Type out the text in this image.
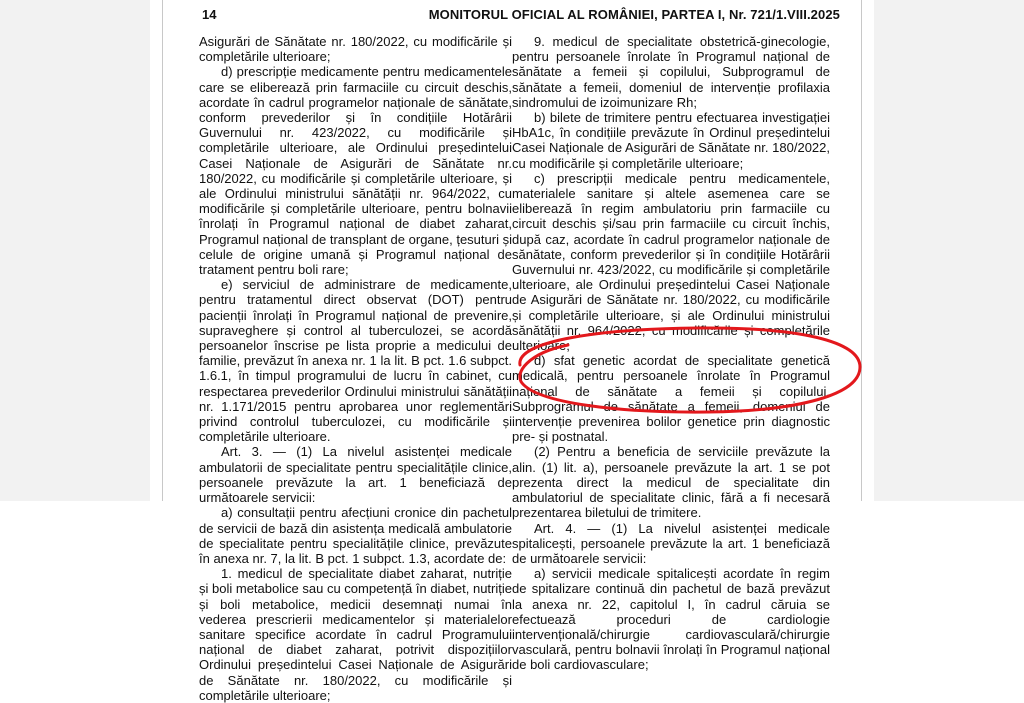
14	MONITORUL OFICIAL AL ROMÂNIEI, PARTEA I, Nr. 721/1.VIII.2025

Asigurări de Sănătate nr. 180/2022, cu modificările și completările ulterioare;

d) prescripție medicamente pentru medicamentele care se eliberează prin farmaciile cu circuit deschis, acordate în cadrul programelor naționale de sănătate, conform prevederilor și în condițiile Hotărârii Guvernului nr. 423/2022, cu modificările și completările ulterioare, ale Ordinului președintelui Casei Naționale de Asigurări de Sănătate nr. 180/2022, cu modificările și completările ulterioare, și ale Ordinului ministrului sănătății nr. 964/2022, cu modificările și completările ulterioare, pentru bolnavii înrolați în Programul național de diabet zaharat, Programul național de transplant de organe, țesuturi și celule de origine umană și Programul național de tratament pentru boli rare;

e) serviciul de administrare de medicamente, pentru tratamentul direct observat (DOT) pentru pacienții înrolați în Programul național de prevenire, supraveghere și control al tuberculozei, se acordă persoanelor înscrise pe lista proprie a medicului de familie, prevăzut în anexa nr. 1 la lit. B pct. 1.6 subpct. 1.6.1, în timpul programului de lucru în cabinet, cu respectarea prevederilor Ordinului ministrului sănătății nr. 1.171/2015 pentru aprobarea unor reglementări privind controlul tuberculozei, cu modificările și completările ulterioare.

Art. 3. — (1) La nivelul asistenței medicale ambulatorii de specialitate pentru specialitățile clinice, persoanele prevăzute la art. 1 beneficiază de următoarele servicii:

a) consultații pentru afecțiuni cronice din pachetul de servicii de bază din asistența medicală ambulatorie de specialitate pentru specialitățile clinice, prevăzute în anexa nr. 7, la lit. B pct. 1 subpct. 1.3, acordate de:

1. medicul de specialitate diabet zaharat, nutriție și boli metabolice sau cu competență în diabet, nutriție și boli metabolice, medicii desemnați numai în vederea prescrierii medicamentelor și materialelor sanitare specifice acordate în cadrul Programului național de diabet zaharat, potrivit dispozițiilor Ordinului președintelui Casei Naționale de Asigurări de Sănătate nr. 180/2022, cu modificările și completările ulterioare;

9. medicul de specialitate obstetrică-ginecologie, pentru persoanele înrolate în Programul național de sănătate a femeii și copilului, Subprogramul de sănătate a femeii, domeniul de intervenție profilaxia sindromului de izoimunizare Rh;

b) bilete de trimitere pentru efectuarea investigației HbA1c, în condițiile prevăzute în Ordinul președintelui Casei Naționale de Asigurări de Sănătate nr. 180/2022, cu modificările și completările ulterioare;

c) prescripții medicale pentru medicamentele, materialele sanitare și altele asemenea care se eliberează în regim ambulatoriu prin farmaciile cu circuit deschis și/sau prin farmaciile cu circuit închis, după caz, acordate în cadrul programelor naționale de sănătate, conform prevederilor și în condițiile Hotărârii Guvernului nr. 423/2022, cu modificările și completările ulterioare, ale Ordinului președintelui Casei Naționale de Asigurări de Sănătate nr. 180/2022, cu modificările și completările ulterioare, și ale Ordinului ministrului sănătății nr. 964/2022, cu modificările și completările ulterioare;

d) sfat genetic acordat de specialitate genetică medicală, pentru persoanele înrolate în Programul național de sănătate a femeii și copilului, Subprogramul de sănătate a femeii, domeniul de intervenție prevenirea bolilor genetice prin diagnostic pre- și postnatal.

(2) Pentru a beneficia de serviciile prevăzute la alin. (1) lit. a), persoanele prevăzute la art. 1 se pot prezenta direct la medicul de specialitate din ambulatoriul de specialitate clinic, fără a fi necesară prezentarea biletului de trimitere.

Art. 4. — (1) La nivelul asistenței medicale spitalicești, persoanele prevăzute la art. 1 beneficiază de următoarele servicii:

a) servicii medicale spitalicești acordate în regim de spitalizare continuă din pachetul de bază prevăzut la anexa nr. 22, capitolul I, în cadrul căruia se efectuează proceduri de cardiologie intervențională/chirurgie cardiovasculară/chirurgie vasculară, pentru bolnavii înrolați în Programul național de boli cardiovasculare;
